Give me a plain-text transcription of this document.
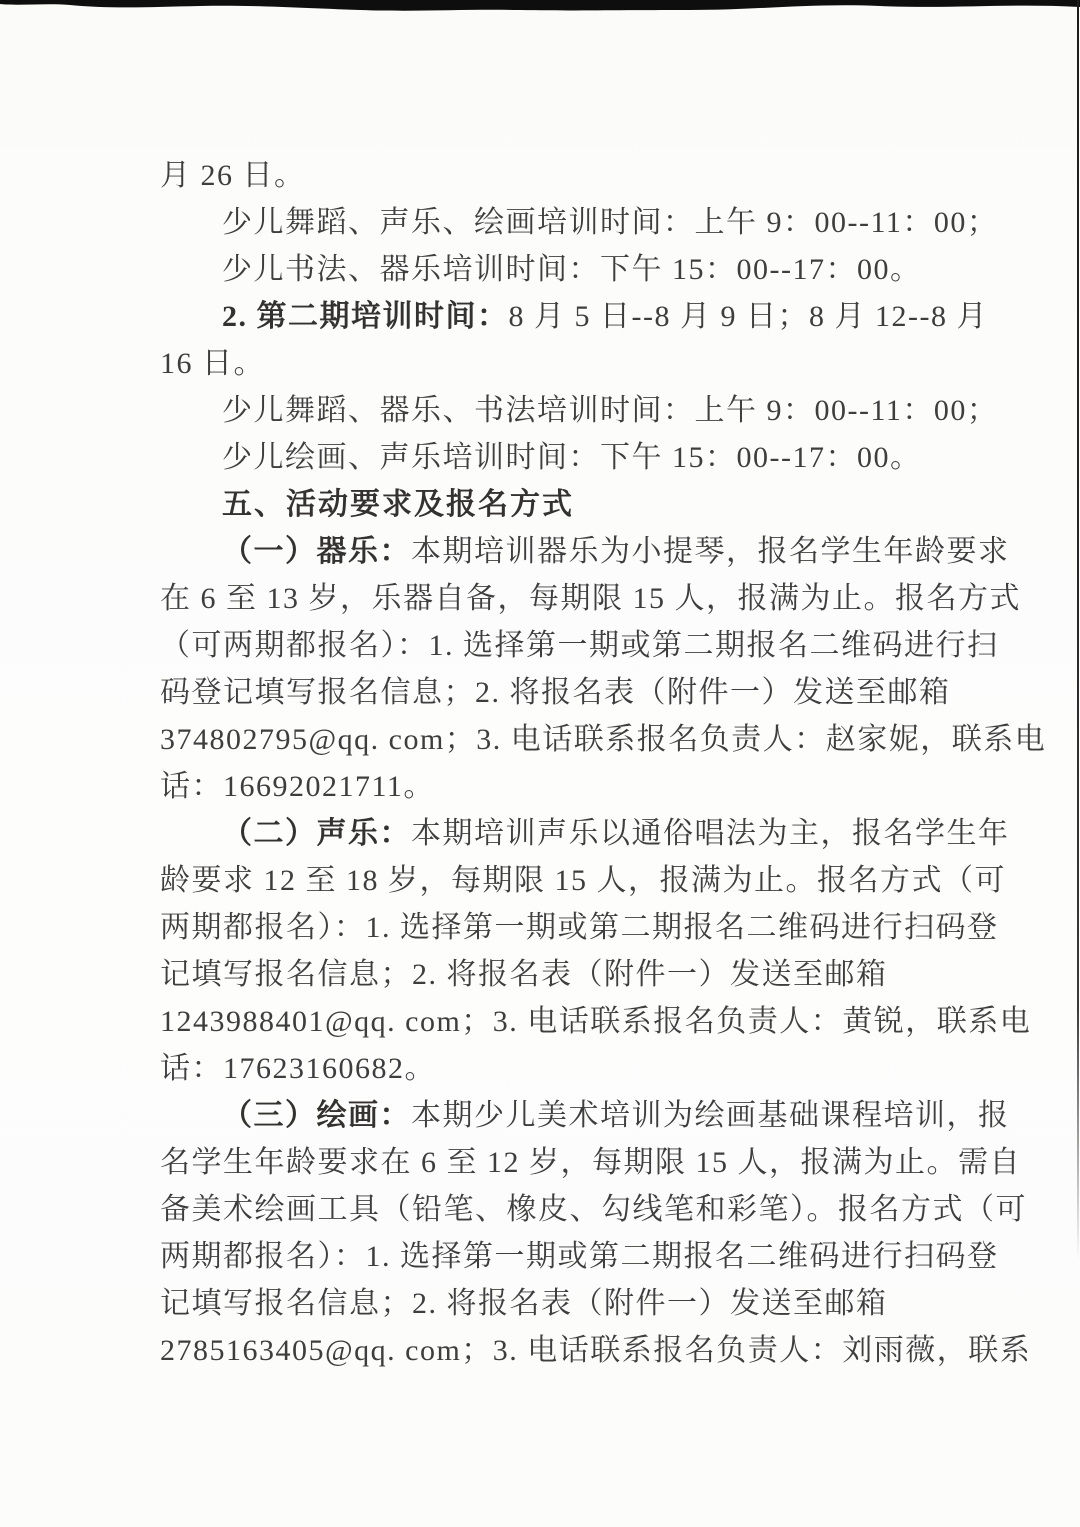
月 26 日。
少儿舞蹈、声乐、绘画培训时间：上午 9：00--11：00；
少儿书法、器乐培训时间：下午 15：00--17：00。
2. 第二期培训时间：8 月 5 日--8 月 9 日；8 月 12--8 月
16 日。
少儿舞蹈、器乐、书法培训时间：上午 9：00--11：00；
少儿绘画、声乐培训时间：下午 15：00--17：00。
五、活动要求及报名方式
（一）器乐：本期培训器乐为小提琴，报名学生年龄要求
在 6 至 13 岁，乐器自备，每期限 15 人，报满为止。报名方式
（可两期都报名）：1. 选择第一期或第二期报名二维码进行扫
码登记填写报名信息；2. 将报名表（附件一）发送至邮箱
374802795@qq. com；3. 电话联系报名负责人：赵家妮，联系电
话：16692021711。
（二）声乐：本期培训声乐以通俗唱法为主，报名学生年
龄要求 12 至 18 岁，每期限 15 人，报满为止。报名方式（可
两期都报名）：1. 选择第一期或第二期报名二维码进行扫码登
记填写报名信息；2. 将报名表（附件一）发送至邮箱
1243988401@qq. com；3. 电话联系报名负责人：黄锐，联系电
话：17623160682。
（三）绘画：本期少儿美术培训为绘画基础课程培训，报
名学生年龄要求在 6 至 12 岁，每期限 15 人，报满为止。需自
备美术绘画工具（铅笔、橡皮、勾线笔和彩笔）。报名方式（可
两期都报名）：1. 选择第一期或第二期报名二维码进行扫码登
记填写报名信息；2. 将报名表（附件一）发送至邮箱
2785163405@qq. com；3. 电话联系报名负责人：刘雨薇，联系
